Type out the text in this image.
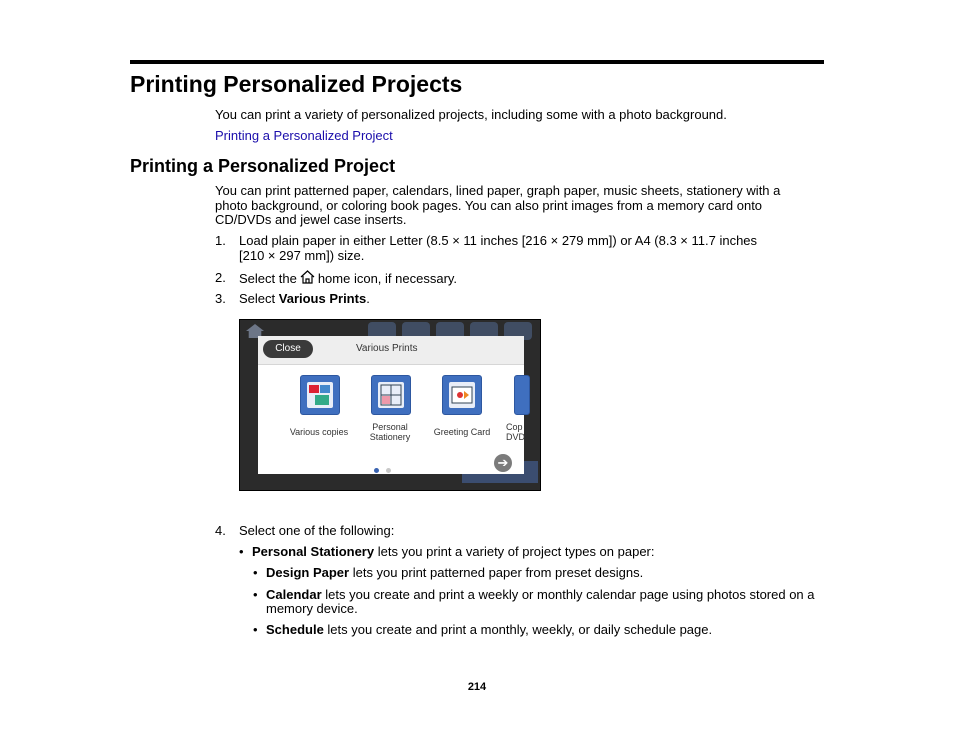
Printing Personalized Projects
You can print a variety of personalized projects, including some with a photo background.
Printing a Personalized Project
Printing a Personalized Project
You can print patterned paper, calendars, lined paper, graph paper, music sheets, stationery with a
photo background, or coloring book pages. You can also print images from a memory card onto
CD/DVDs and jewel case inserts.
1. Load plain paper in either Letter (8.5 × 11 inches [216 × 279 mm]) or A4 (8.3 × 11.7 inches
[210 × 297 mm]) size.
2. Select the home icon, if necessary.
3. Select Various Prints.
Close	Various Prints
Various copies	Personal
Stationery	Greeting Card	Cop
DVD

➔
4. Select one of the following:
• Personal Stationery lets you print a variety of project types on paper:
• Design Paper lets you print patterned paper from preset designs.
• Calendar lets you create and print a weekly or monthly calendar page using photos stored on a
memory device.
• Schedule lets you create and print a monthly, weekly, or daily schedule page.
214
